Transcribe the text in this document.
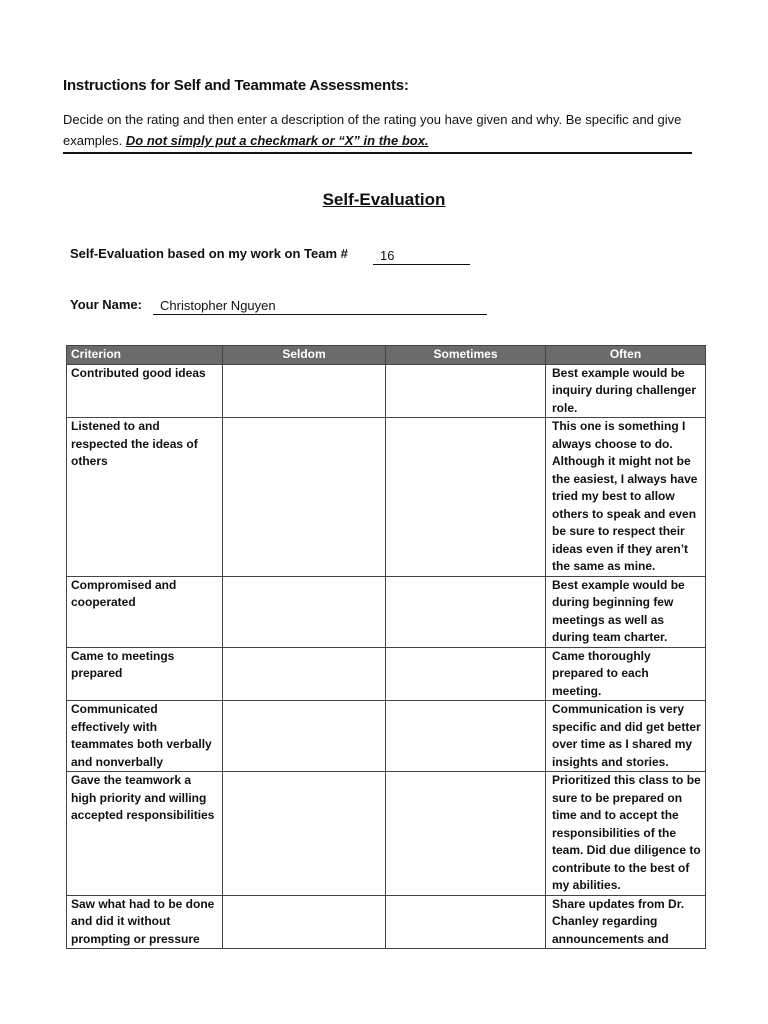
Instructions for Self and Teammate Assessments:
Decide on the rating and then enter a description of the rating you have given and why. Be specific and give examples. Do not simply put a checkmark or “X” in the box.
Self-Evaluation
Self-Evaluation based on my work on Team #	16
Your Name:	Christopher Nguyen
Criterion	Seldom	Sometimes	Often
Contributed good ideas			Best example would be inquiry during challenger role.
Listened to and respected the ideas of others			This one is something I always choose to do. Although it might not be the easiest, I always have tried my best to allow others to speak and even be sure to respect their ideas even if they aren’t the same as mine.
Compromised and cooperated			Best example would be during beginning few meetings as well as during team charter.
Came to meetings prepared			Came thoroughly prepared to each meeting.
Communicated effectively with teammates both verbally and nonverbally			Communication is very specific and did get better over time as I shared my insights and stories.
Gave the teamwork a high priority and willing accepted responsibilities			Prioritized this class to be sure to be prepared on time and to accept the responsibilities of the team. Did due diligence to contribute to the best of my abilities.
Saw what had to be done and did it without prompting or pressure			Share updates from Dr. Chanley regarding announcements and
